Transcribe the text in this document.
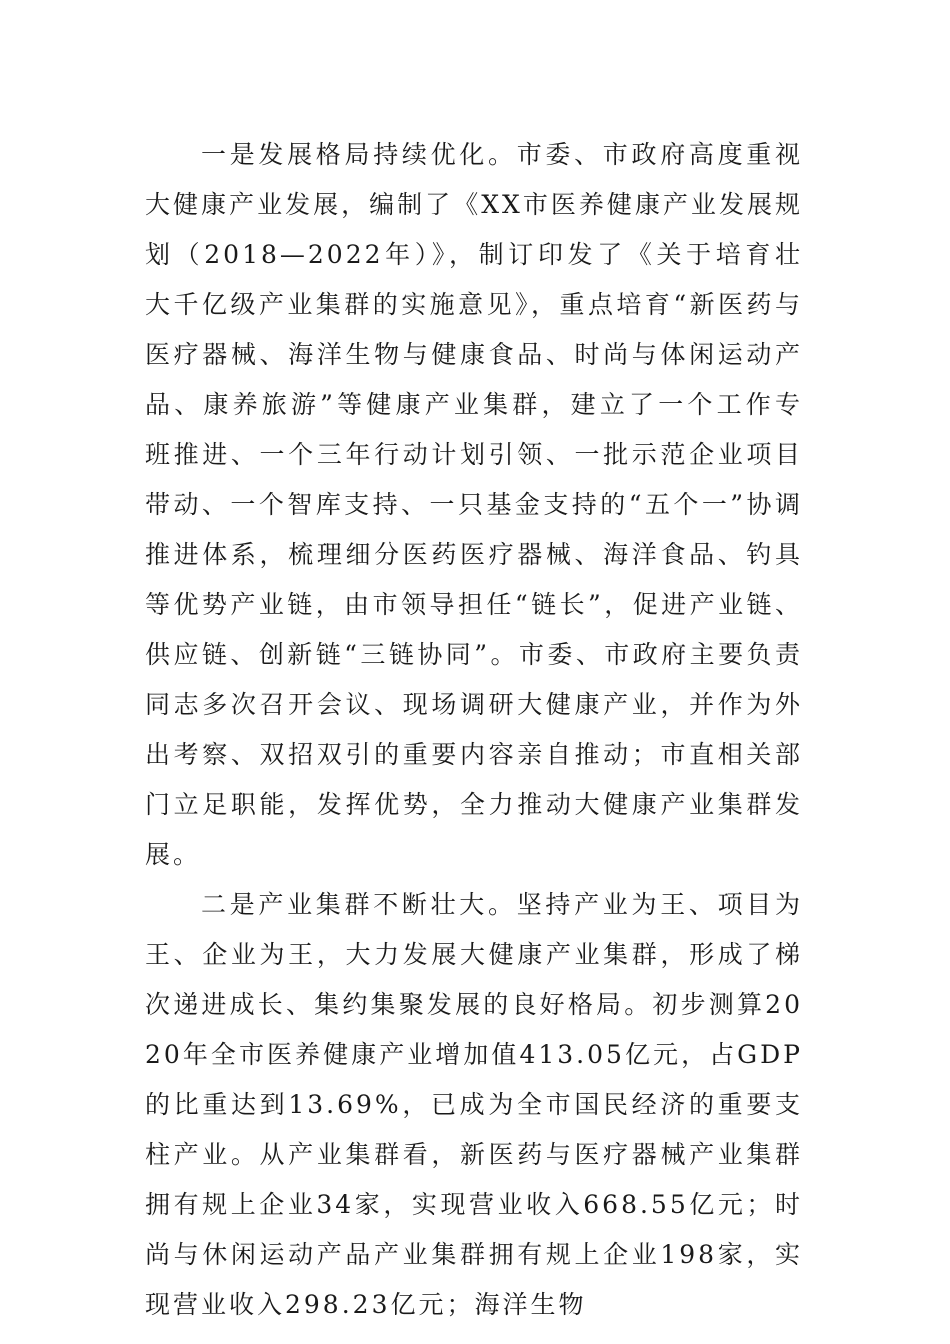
一是发展格局持续优化。市委、市政府高度重视大健康产业发展，编制了《XX市医养健康产业发展规划（2018—2022年）》，制订印发了《关于培育壮大千亿级产业集群的实施意见》，重点培育“新医药与医疗器械、海洋生物与健康食品、时尚与体闲运动产品、康养旅游”等健康产业集群，建立了一个工作专班推进、一个三年行动计划引领、一批示范企业项目带动、一个智库支持、一只基金支持的“五个一”协调推进体系，梳理细分医药医疗器械、海洋食品、钓具等优势产业链，由市领导担任“链长”，促进产业链、供应链、创新链“三链协同”。市委、市政府主要负责同志多次召开会议、现场调研大健康产业，并作为外出考察、双招双引的重要内容亲自推动；市直相关部门立足职能，发挥优势，全力推动大健康产业集群发展。

二是产业集群不断壮大。坚持产业为王、项目为王、企业为王，大力发展大健康产业集群，形成了梯次递进成长、集约集聚发展的良好格局。初步测算2020年全市医养健康产业增加值413.05亿元，占GDP的比重达到13.69%，已成为全市国民经济的重要支柱产业。从产业集群看，新医药与医疗器械产业集群拥有规上企业34家，实现营业收入668.55亿元；时尚与休闲运动产品产业集群拥有规上企业198家，实现营业收入298.23亿元；海洋生物
